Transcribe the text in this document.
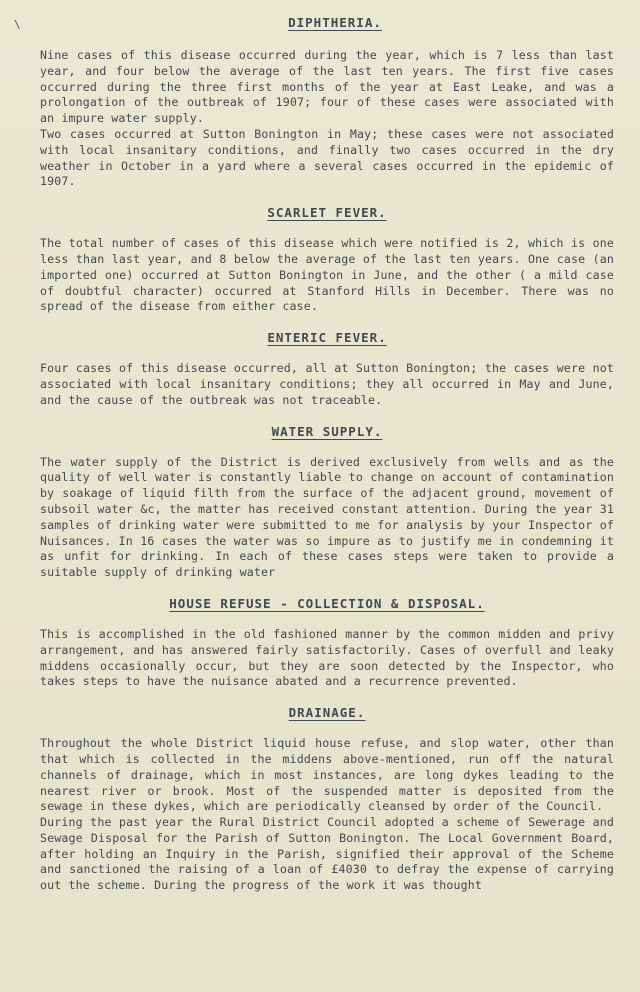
\	DIPHTHERIA.

Nine cases of this disease occurred during the year, which is 7 less than last year, and four below the average of the last ten years. The first five cases occurred during the three first months of the year at East Leake, and was a prolongation of the outbreak of 1907; four of these cases were associated with an impure water supply.

Two cases occurred at Sutton Bonington in May; these cases were not associated with local insanitary conditions, and finally two cases occurred in the dry weather in October in a yard where a several cases occurred in the epidemic of 1907.

SCARLET FEVER.

The total number of cases of this disease which were notified is 2, which is one less than last year, and 8 below the average of the last ten years. One case (an imported one) occurred at Sutton Bonington in June, and the other ( a mild case of doubtful character) occurred at Stanford Hills in December. There was no spread of the disease from either case.

ENTERIC FEVER.

Four cases of this disease occurred, all at Sutton Bonington; the cases were not associated with local insanitary conditions; they all occurred in May and June, and the cause of the outbreak was not traceable.

WATER SUPPLY.

The water supply of the District is derived exclusively from wells and as the quality of well water is constantly liable to change on account of contamination by soakage of liquid filth from the surface of the adjacent ground, movement of subsoil water &c, the matter has received constant attention. During the year 31 samples of drinking water were submitted to me for analysis by your Inspector of Nuisances. In 16 cases the water was so impure as to justify me in condemning it as unfit for drinking. In each of these cases steps were taken to provide a suitable supply of drinking water

HOUSE REFUSE - COLLECTION & DISPOSAL.

This is accomplished in the old fashioned manner by the common midden and privy arrangement, and has answered fairly satisfactorily. Cases of overfull and leaky middens occasionally occur, but they are soon detected by the Inspector, who takes steps to have the nuisance abated and a recurrence prevented.

DRAINAGE.

Throughout the whole District liquid house refuse, and slop water, other than that which is collected in the middens above-mentioned, run off the natural channels of drainage, which in most instances, are long dykes leading to the nearest river or brook. Most of the suspended matter is deposited from the sewage in these dykes, which are periodically cleansed by order of the Council.

During the past year the Rural District Council adopted a scheme of Sewerage and Sewage Disposal for the Parish of Sutton Bonington. The Local Government Board, after holding an Inquiry in the Parish, signified their approval of the Scheme and sanctioned the raising of a loan of £4030 to defray the expense of carrying out the scheme. During the progress of the work it was thought
